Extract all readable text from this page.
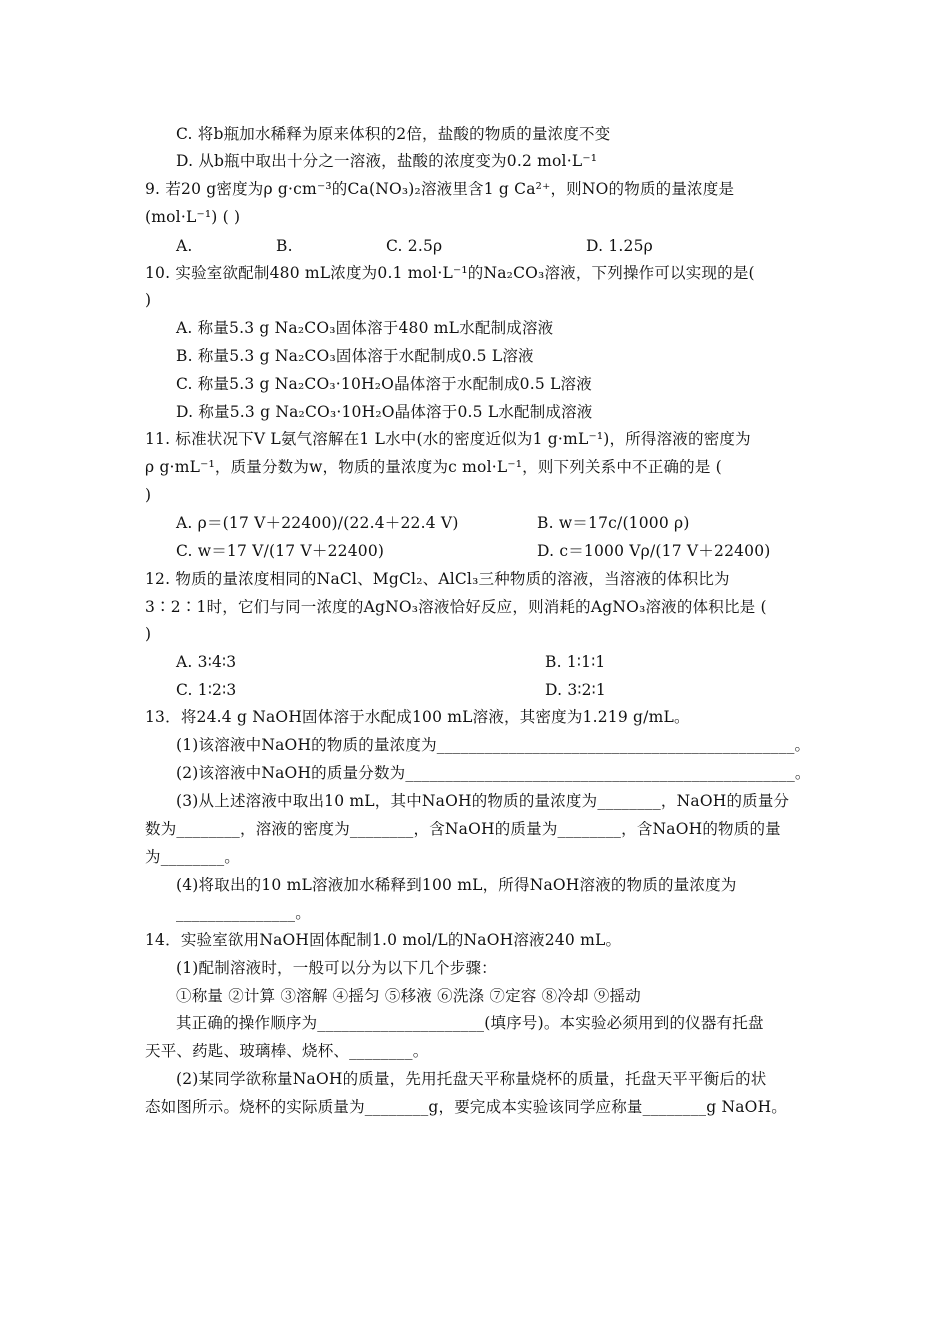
C. 将b瓶加水稀释为原来体积的2倍，盐酸的物质的量浓度不变
D. 从b瓶中取出十分之一溶液，盐酸的浓度变为0.2 mol·L⁻¹
9. 若20 g密度为ρ g·cm⁻³的Ca(NO₃)₂溶液里含1 g Ca²⁺，则NO的物质的量浓度是
(mol·L⁻¹) ( )
A.	B.	C. 2.5ρ	D. 1.25ρ
10. 实验室欲配制480 mL浓度为0.1 mol·L⁻¹的Na₂CO₃溶液，下列操作可以实现的是(
)
A. 称量5.3 g Na₂CO₃固体溶于480 mL水配制成溶液
B. 称量5.3 g Na₂CO₃固体溶于水配制成0.5 L溶液
C. 称量5.3 g Na₂CO₃·10H₂O晶体溶于水配制成0.5 L溶液
D. 称量5.3 g Na₂CO₃·10H₂O晶体溶于0.5 L水配制成溶液
11. 标准状况下V L氨气溶解在1 L水中(水的密度近似为1 g·mL⁻¹)，所得溶液的密度为
ρ g·mL⁻¹，质量分数为w，物质的量浓度为c mol·L⁻¹，则下列关系中不正确的是 (
)
A. ρ＝(17 V＋22400)/(22.4＋22.4 V)	B. w＝17c/(1000 ρ)
C. w＝17 V/(17 V＋22400)	D. c＝1000 Vρ/(17 V＋22400)
12. 物质的量浓度相同的NaCl、MgCl₂、AlCl₃三种物质的溶液，当溶液的体积比为
3∶2∶1时，它们与同一浓度的AgNO₃溶液恰好反应，则消耗的AgNO₃溶液的体积比是 (
)
A. 3∶4∶3	B. 1∶1∶1
C. 1∶2∶3	D. 3∶2∶1
13．将24.4 g NaOH固体溶于水配成100 mL溶液，其密度为1.219 g/mL。
(1)该溶液中NaOH的物质的量浓度为_____________________________________________。
(2)该溶液中NaOH的质量分数为_________________________________________________。
(3)从上述溶液中取出10 mL，其中NaOH的物质的量浓度为________，NaOH的质量分
数为________，溶液的密度为________，含NaOH的质量为________，含NaOH的物质的量
为________。
(4)将取出的10 mL溶液加水稀释到100 mL，所得NaOH溶液的物质的量浓度为
_______________。
14．实验室欲用NaOH固体配制1.0 mol/L的NaOH溶液240 mL。
(1)配制溶液时，一般可以分为以下几个步骤：
①称量 ②计算 ③溶解 ④摇匀 ⑤移液 ⑥洗涤 ⑦定容 ⑧冷却 ⑨摇动
其正确的操作顺序为_____________________(填序号)。本实验必须用到的仪器有托盘
天平、药匙、玻璃棒、烧杯、________。
(2)某同学欲称量NaOH的质量，先用托盘天平称量烧杯的质量，托盘天平平衡后的状
态如图所示。烧杯的实际质量为________g，要完成本实验该同学应称量________g NaOH。
